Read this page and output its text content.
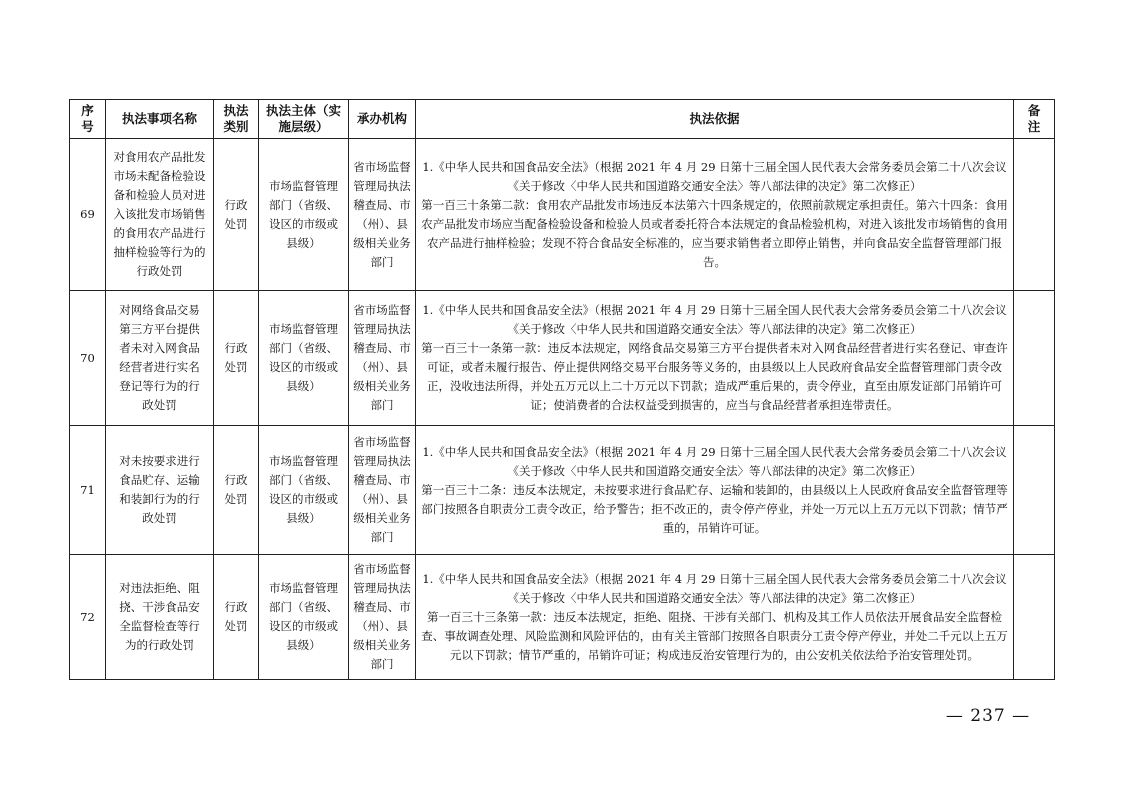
序号	执法事项名称	执法类别	执法主体（实施层级）	承办机构	执法依据	备注
69	对食用农产品批发市场未配备检验设备和检验人员对进入该批发市场销售的食用农产品进行抽样检验等行为的行政处罚	行政处罚	市场监督管理部门（省级、设区的市级或县级）	省市场监督管理局执法稽查局、市（州）、县级相关业务部门	1.《中华人民共和国食品安全法》（根据 2021 年 4 月 29 日第十三届全国人民代表大会常务委员会第二十八次会议《关于修改〈中华人民共和国道路交通安全法〉等八部法律的决定》第二次修正）

第一百三十条第二款：食用农产品批发市场违反本法第六十四条规定的，依照前款规定承担责任。第六十四条：食用农产品批发市场应当配备检验设备和检验人员或者委托符合本法规定的食品检验机构，对进入该批发市场销售的食用农产品进行抽样检验；发现不符合食品安全标准的，应当要求销售者立即停止销售，并向食品安全监督管理部门报告。	

70	对网络食品交易第三方平台提供者未对入网食品经营者进行实名登记等行为的行政处罚	行政处罚	市场监督管理部门（省级、设区的市级或县级）	省市场监督管理局执法稽查局、市（州）、县级相关业务部门	1.《中华人民共和国食品安全法》（根据 2021 年 4 月 29 日第十三届全国人民代表大会常务委员会第二十八次会议《关于修改〈中华人民共和国道路交通安全法〉等八部法律的决定》第二次修正）

第一百三十一条第一款：违反本法规定，网络食品交易第三方平台提供者未对入网食品经营者进行实名登记、审查许可证，或者未履行报告、停止提供网络交易平台服务等义务的，由县级以上人民政府食品安全监督管理部门责令改正，没收违法所得，并处五万元以上二十万元以下罚款；造成严重后果的，责令停业，直至由原发证部门吊销许可证；使消费者的合法权益受到损害的，应当与食品经营者承担连带责任。	

71	对未按要求进行食品贮存、运输和装卸行为的行政处罚	行政处罚	市场监督管理部门（省级、设区的市级或县级）	省市场监督管理局执法稽查局、市（州）、县级相关业务部门	1.《中华人民共和国食品安全法》（根据 2021 年 4 月 29 日第十三届全国人民代表大会常务委员会第二十八次会议《关于修改〈中华人民共和国道路交通安全法〉等八部法律的决定》第二次修正）

第一百三十二条：违反本法规定，未按要求进行食品贮存、运输和装卸的，由县级以上人民政府食品安全监督管理等部门按照各自职责分工责令改正，给予警告；拒不改正的，责令停产停业，并处一万元以上五万元以下罚款；情节严重的，吊销许可证。	

72	对违法拒绝、阻挠、干涉食品安全监督检查等行为的行政处罚	行政处罚	市场监督管理部门（省级、设区的市级或县级）	省市场监督管理局执法稽查局、市（州）、县级相关业务部门	1.《中华人民共和国食品安全法》（根据 2021 年 4 月 29 日第十三届全国人民代表大会常务委员会第二十八次会议《关于修改〈中华人民共和国道路交通安全法〉等八部法律的决定》第二次修正）

第一百三十三条第一款：违反本法规定，拒绝、阻挠、干涉有关部门、机构及其工作人员依法开展食品安全监督检查、事故调查处理、风险监测和风险评估的，由有关主管部门按照各自职责分工责令停产停业，并处二千元以上五万元以下罚款；情节严重的，吊销许可证；构成违反治安管理行为的，由公安机关依法给予治安管理处罚。	

— 237 —
